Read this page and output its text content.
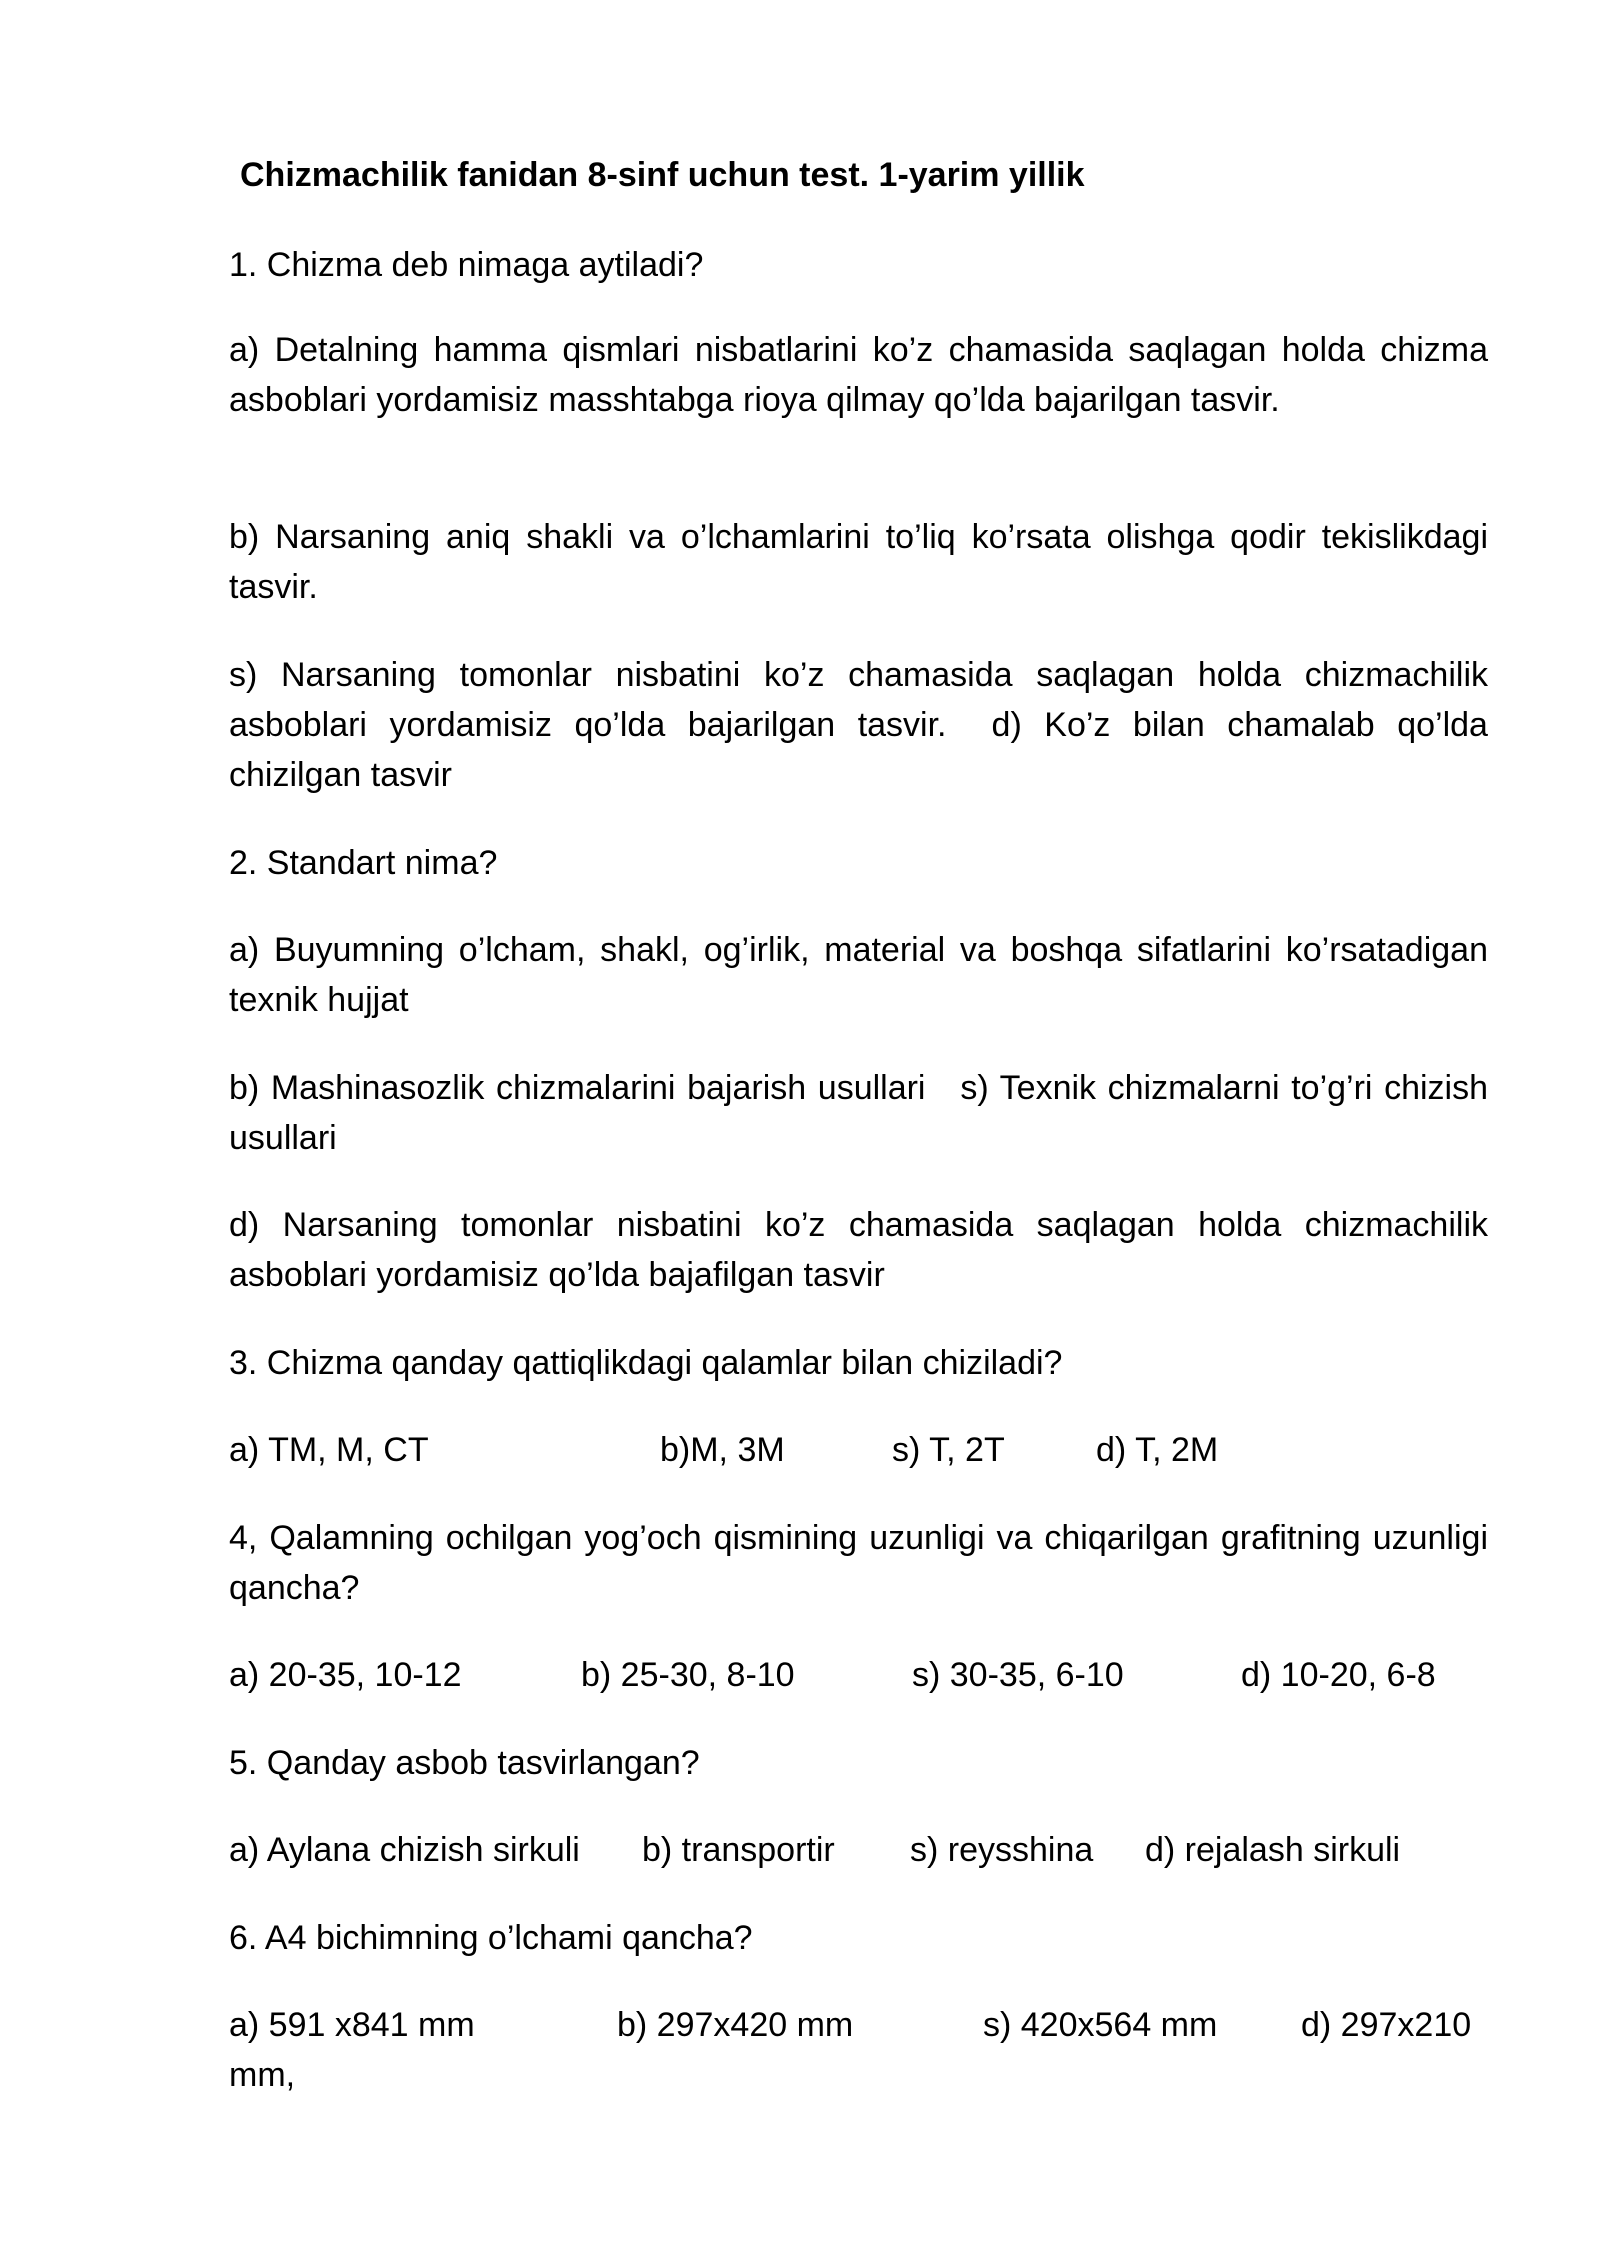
Chizmachilik fanidan 8-sinf uchun test. 1-yarim yillik

1. Chizma deb nimaga aytiladi?

a) Detalning hamma qismlari nisbatlarini ko’z chamasida saqlagan holda chizma asboblari yordamisiz masshtabga rioya qilmay qo’lda bajarilgan tasvir.

b) Narsaning aniq shakli va o’lchamlarini to’liq ko’rsata olishga qodir tekislikdagi tasvir.

s) Narsaning tomonlar nisbatini ko’z chamasida saqlagan holda chizmachilik asboblari yordamisiz qo’lda bajarilgan tasvir. d) Ko’z bilan chamalab qo’lda chizilgan tasvir

2. Standart nima?

a) Buyumning o’lcham, shakl, og’irlik, material va boshqa sifatlarini ko’rsatadigan texnik hujjat

b) Mashinasozlik chizmalarini bajarish usullari s) Texnik chizmalarni to’g’ri chizish usullari

d) Narsaning tomonlar nisbatini ko’z chamasida saqlagan holda chizmachilik asboblari yordamisiz qo’lda bajafilgan tasvir

3. Chizma qanday qattiqlikdagi qalamlar bilan chiziladi?

a) TM, M, CT	b)M, 3M	s) T, 2T	d) T, 2M

4, Qalamning ochilgan yog’och qismining uzunligi va chiqarilgan grafitning uzunligi qancha?

a) 20-35, 10-12	b) 25-30, 8-10	s) 30-35, 6-10	d) 10-20, 6-8

5. Qanday asbob tasvirlangan?

a) Aylana chizish sirkuli b) transportir s) reysshina d) rejalash sirkuli

6. A4 bichimning o’lchami qancha?

a) 591 x841 mm	b) 297x420 mm	s) 420x564 mm d) 297x210
mm,
